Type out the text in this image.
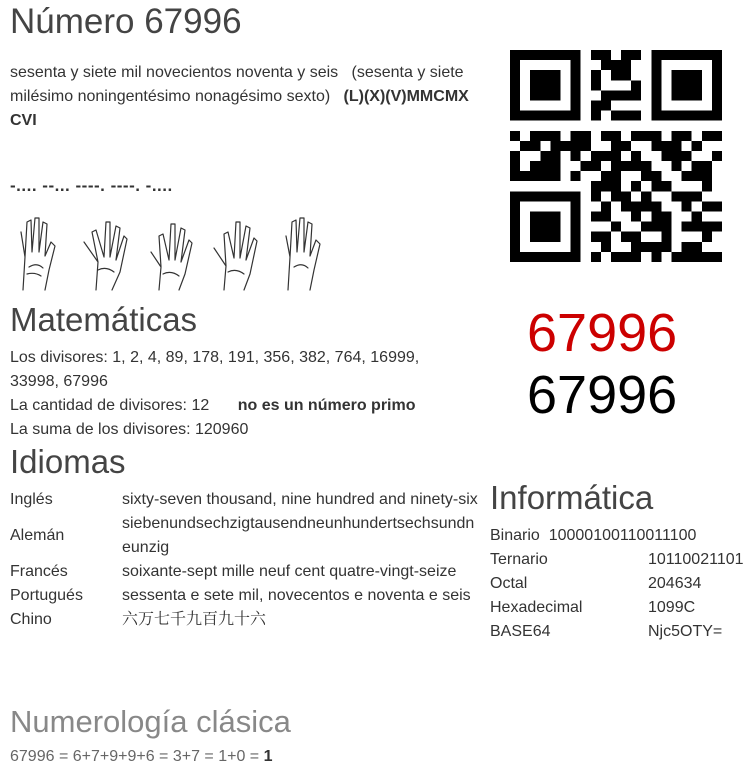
Número 67996
sesenta y siete mil novecientos noventa y seis (sesenta y siete milésimo noningentésimo nonagésimo sexto) (L)(X)(V)MMCMXCVI
-.... --... ----. ----. -....
67996
67996
Matemáticas
Los divisores: 1, 2, 4, 89, 178, 191, 356, 382, 764, 16999, 33998, 67996
La cantidad de divisores: 12 no es un número primo
La suma de los divisores: 120960
Idiomas
Inglés	sixty-seven thousand, nine hundred and ninety-six
Alemán	siebenundsechzigtausendneunhundertsechsundneunzig
Francés	soixante-sept mille neuf cent quatre-vingt-seize
Portugués	sessenta e sete mil, novecentos e noventa e seis
Chino	六万七千九百九十六
Informática
Binario 10000100110011100	
Ternario	10110021101
Octal	204634
Hexadecimal	1099C
BASE64	Njc5OTY=
Numerología clásica
67996 = 6+7+9+9+6 = 3+7 = 1+0 = 1
